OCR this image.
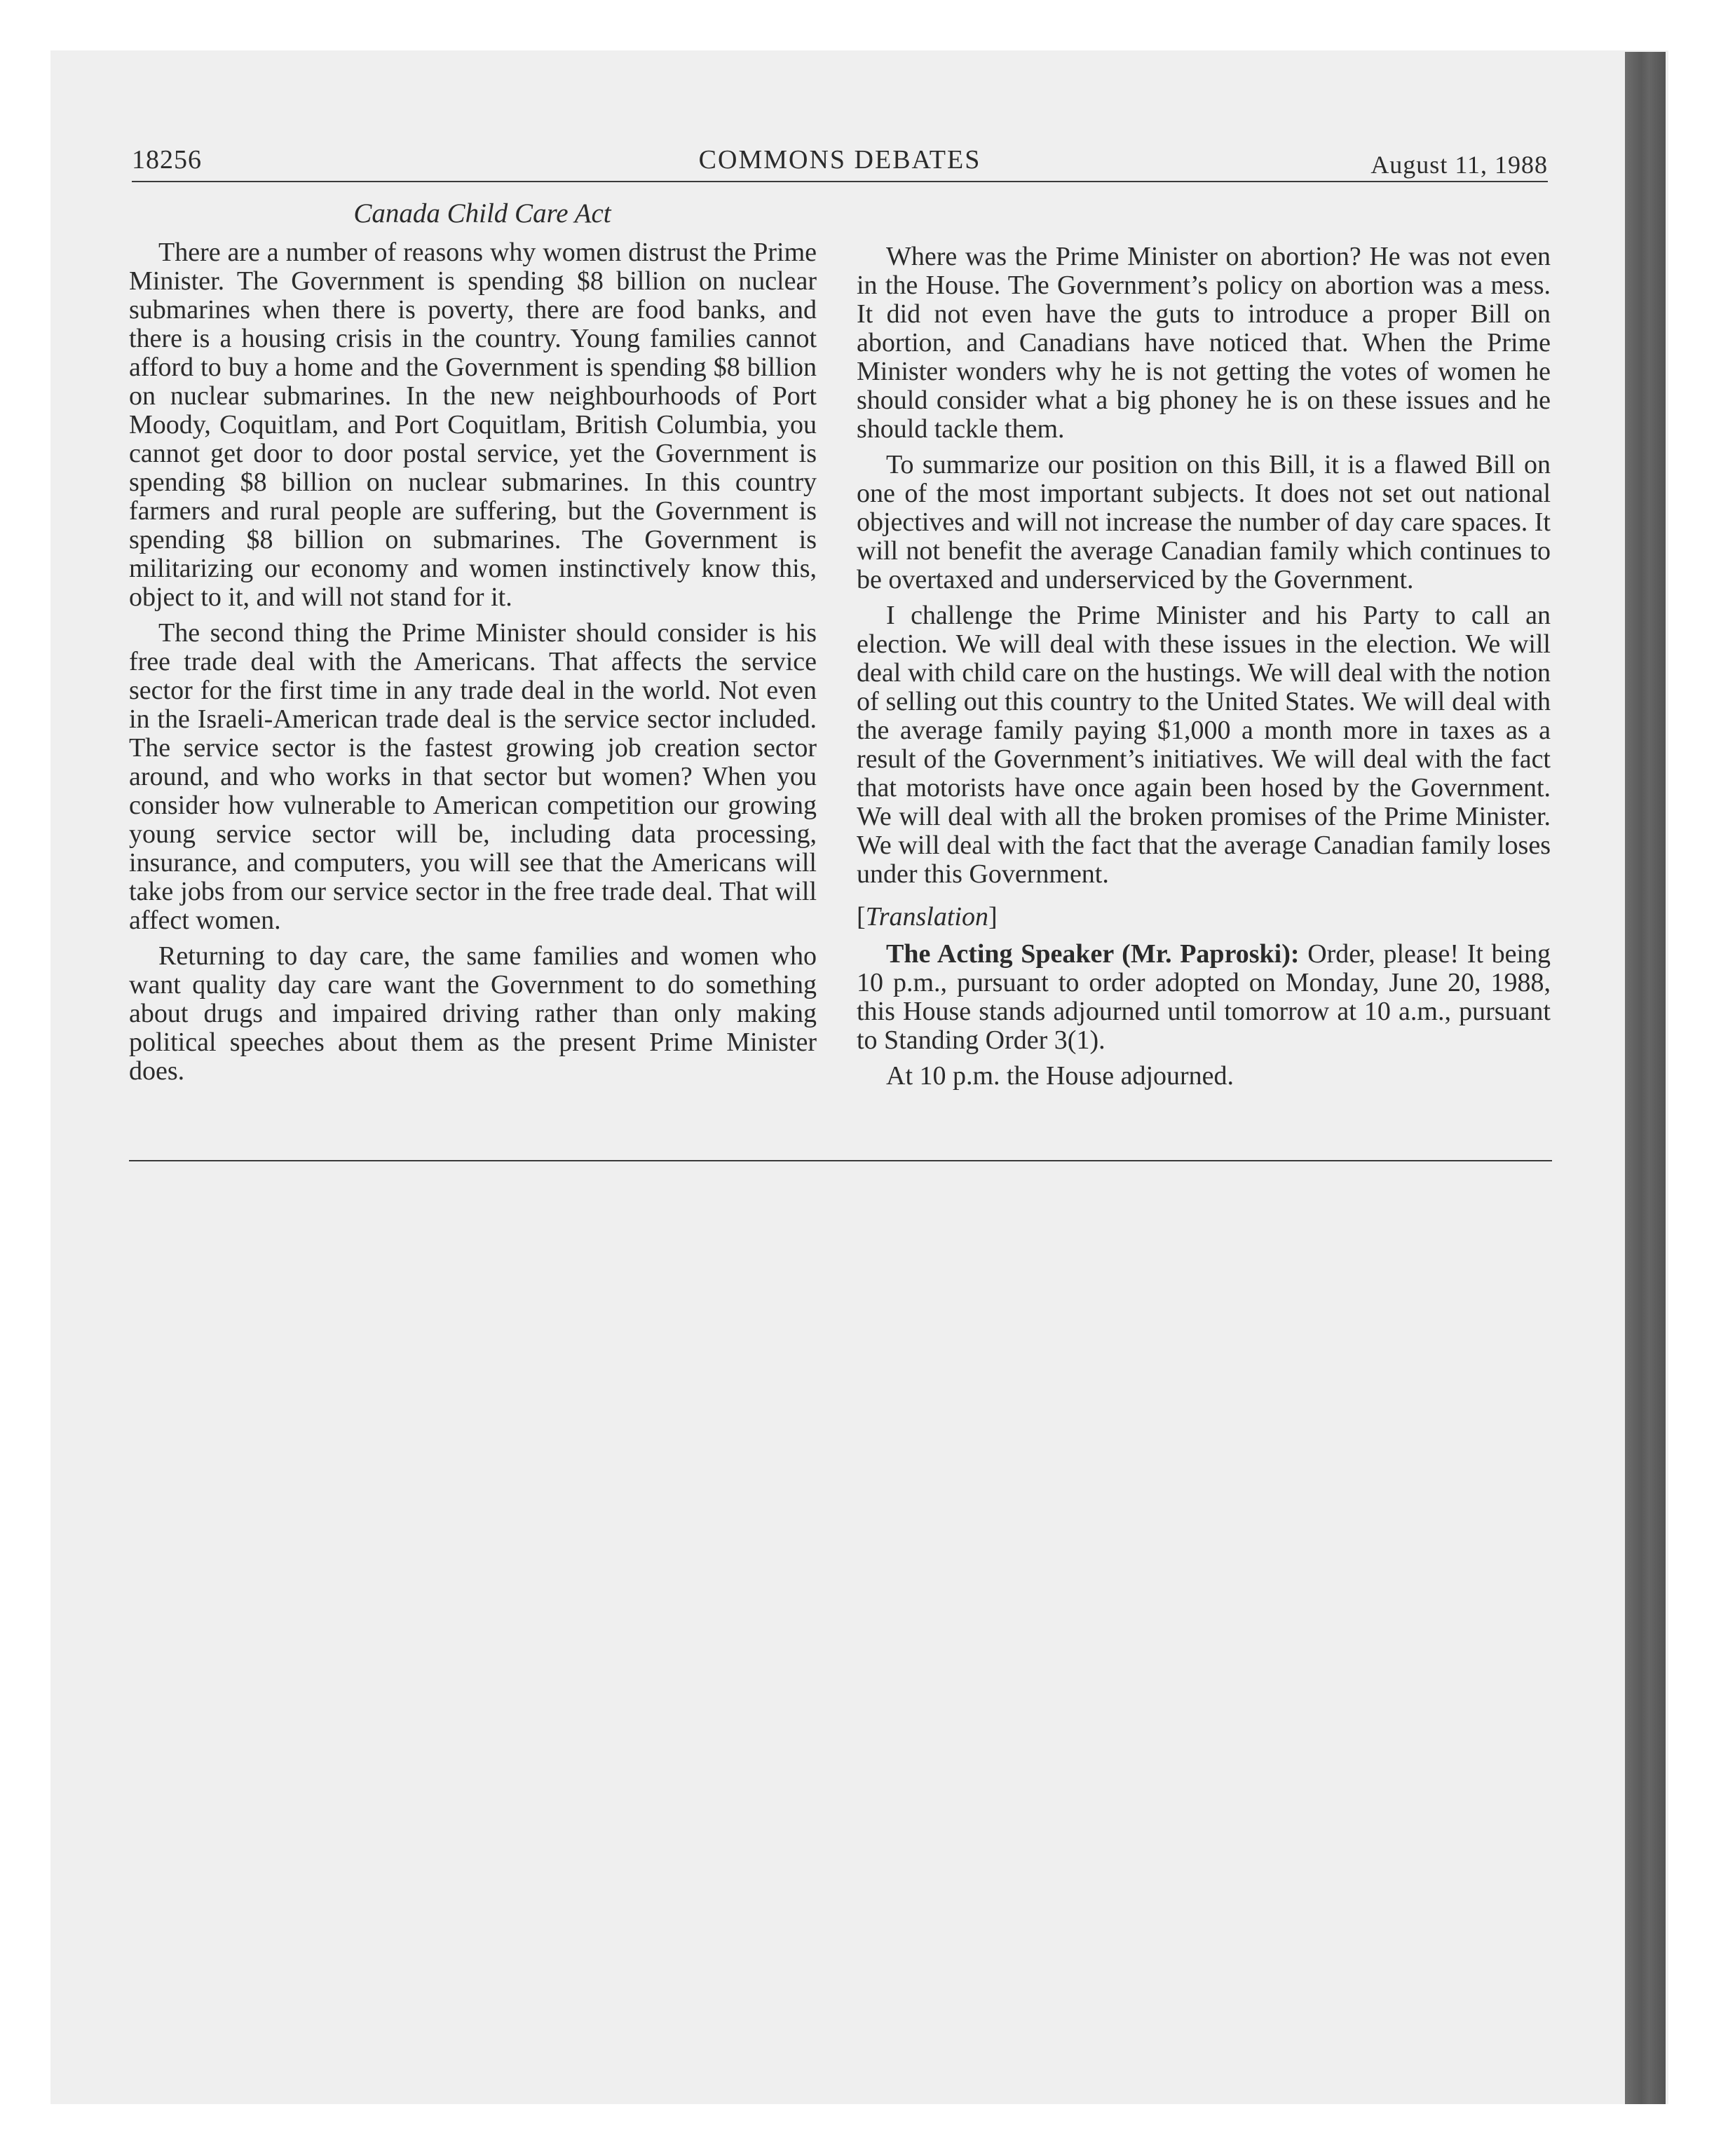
18256	COMMONS DEBATES	August 11, 1988
Canada Child Care Act

There are a number of reasons why women distrust the Prime Minister. The Government is spending $8 billion on nuclear submarines when there is poverty, there are food banks, and there is a housing crisis in the country. Young families cannot afford to buy a home and the Government is spending $8 billion on nuclear submarines. In the new neighbourhoods of Port Moody, Coquitlam, and Port Coquitlam, British Columbia, you cannot get door to door postal service, yet the Government is spending $8 billion on nuclear submarines. In this country farmers and rural people are suffering, but the Government is spending $8 billion on submarines. The Government is militarizing our economy and women instinctively know this, object to it, and will not stand for it.

The second thing the Prime Minister should consider is his free trade deal with the Americans. That affects the service sector for the first time in any trade deal in the world. Not even in the Israeli-American trade deal is the service sector included. The service sector is the fastest growing job creation sector around, and who works in that sector but women? When you consider how vulnerable to American competition our growing young service sector will be, including data processing, insurance, and computers, you will see that the Americans will take jobs from our service sector in the free trade deal. That will affect women.

Returning to day care, the same families and women who want quality day care want the Government to do something about drugs and impaired driving rather than only making political speeches about them as the present Prime Minister does.

Where was the Prime Minister on abortion? He was not even in the House. The Government’s policy on abortion was a mess. It did not even have the guts to introduce a proper Bill on abortion, and Canadians have noticed that. When the Prime Minister wonders why he is not getting the votes of women he should consider what a big phoney he is on these issues and he should tackle them.

To summarize our position on this Bill, it is a flawed Bill on one of the most important subjects. It does not set out national objectives and will not increase the number of day care spaces. It will not benefit the average Canadian family which continues to be overtaxed and underserviced by the Government.

I challenge the Prime Minister and his Party to call an election. We will deal with these issues in the election. We will deal with child care on the hustings. We will deal with the notion of selling out this country to the United States. We will deal with the average family paying $1,000 a month more in taxes as a result of the Government’s initiatives. We will deal with the fact that motorists have once again been hosed by the Government. We will deal with all the broken promises of the Prime Minister. We will deal with the fact that the average Canadian family loses under this Government.

[Translation]

The Acting Speaker (Mr. Paproski): Order, please! It being 10 p.m., pursuant to order adopted on Monday, June 20, 1988, this House stands adjourned until tomorrow at 10 a.m., pursuant to Standing Order 3(1).

At 10 p.m. the House adjourned.
